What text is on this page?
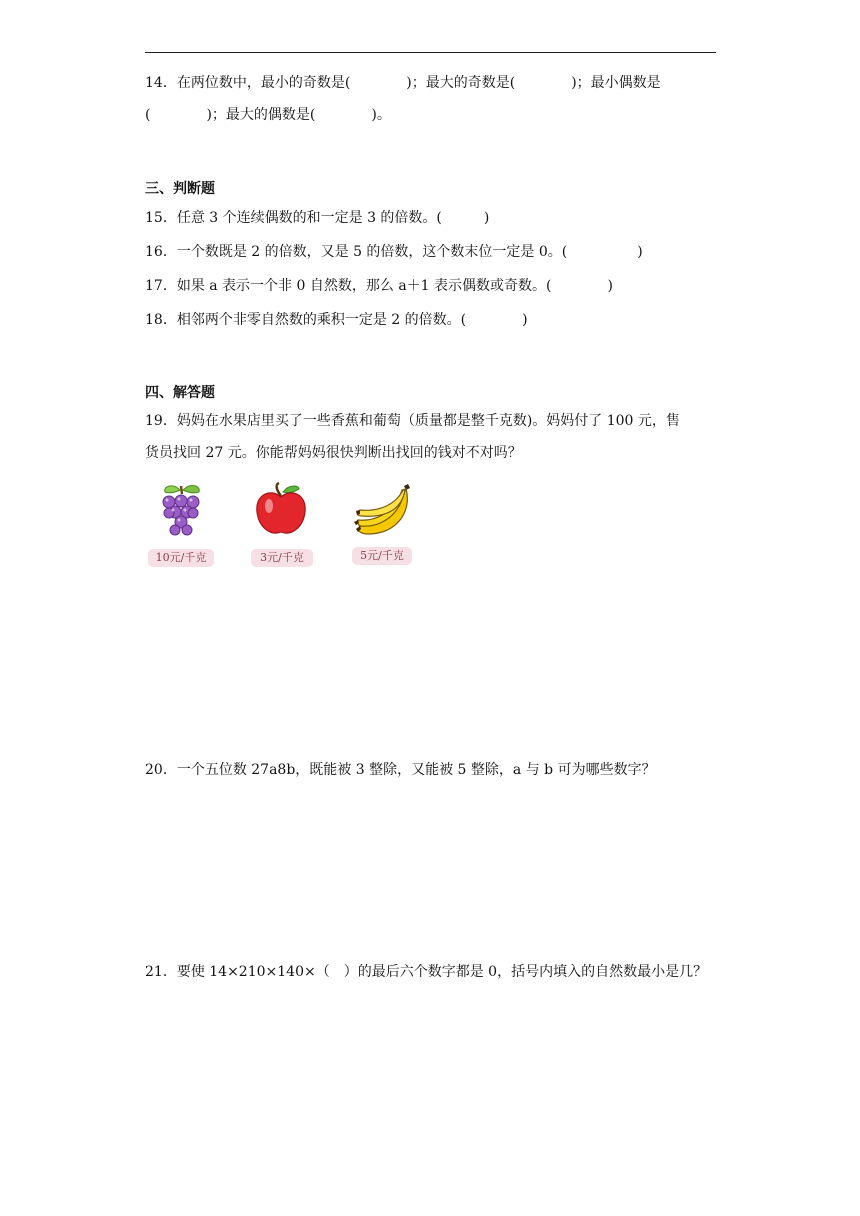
14．在两位数中，最小的奇数是(　　　　)；最大的奇数是(　　　　)；最小偶数是
(　　　　)；最大的偶数是(　　　　)。
三、判断题
15．任意 3 个连续偶数的和一定是 3 的倍数。(　　　)
16．一个数既是 2 的倍数，又是 5 的倍数，这个数末位一定是 0。(　　　　　)
17．如果 a 表示一个非 0 自然数，那么 a＋1 表示偶数或奇数。(　　　　)
18．相邻两个非零自然数的乘积一定是 2 的倍数。(　　　　)
四、解答题
19．妈妈在水果店里买了一些香蕉和葡萄（质量都是整千克数)。妈妈付了 100 元，售
货员找回 27 元。你能帮妈妈很快判断出找回的钱对不对吗？
10元/千克	3元/千克	5元/千克
20．一个五位数 27a8b，既能被 3 整除，又能被 5 整除，a 与 b 可为哪些数字？
21．要使 14×210×140×（　）的最后六个数字都是 0，括号内填入的自然数最小是几？
